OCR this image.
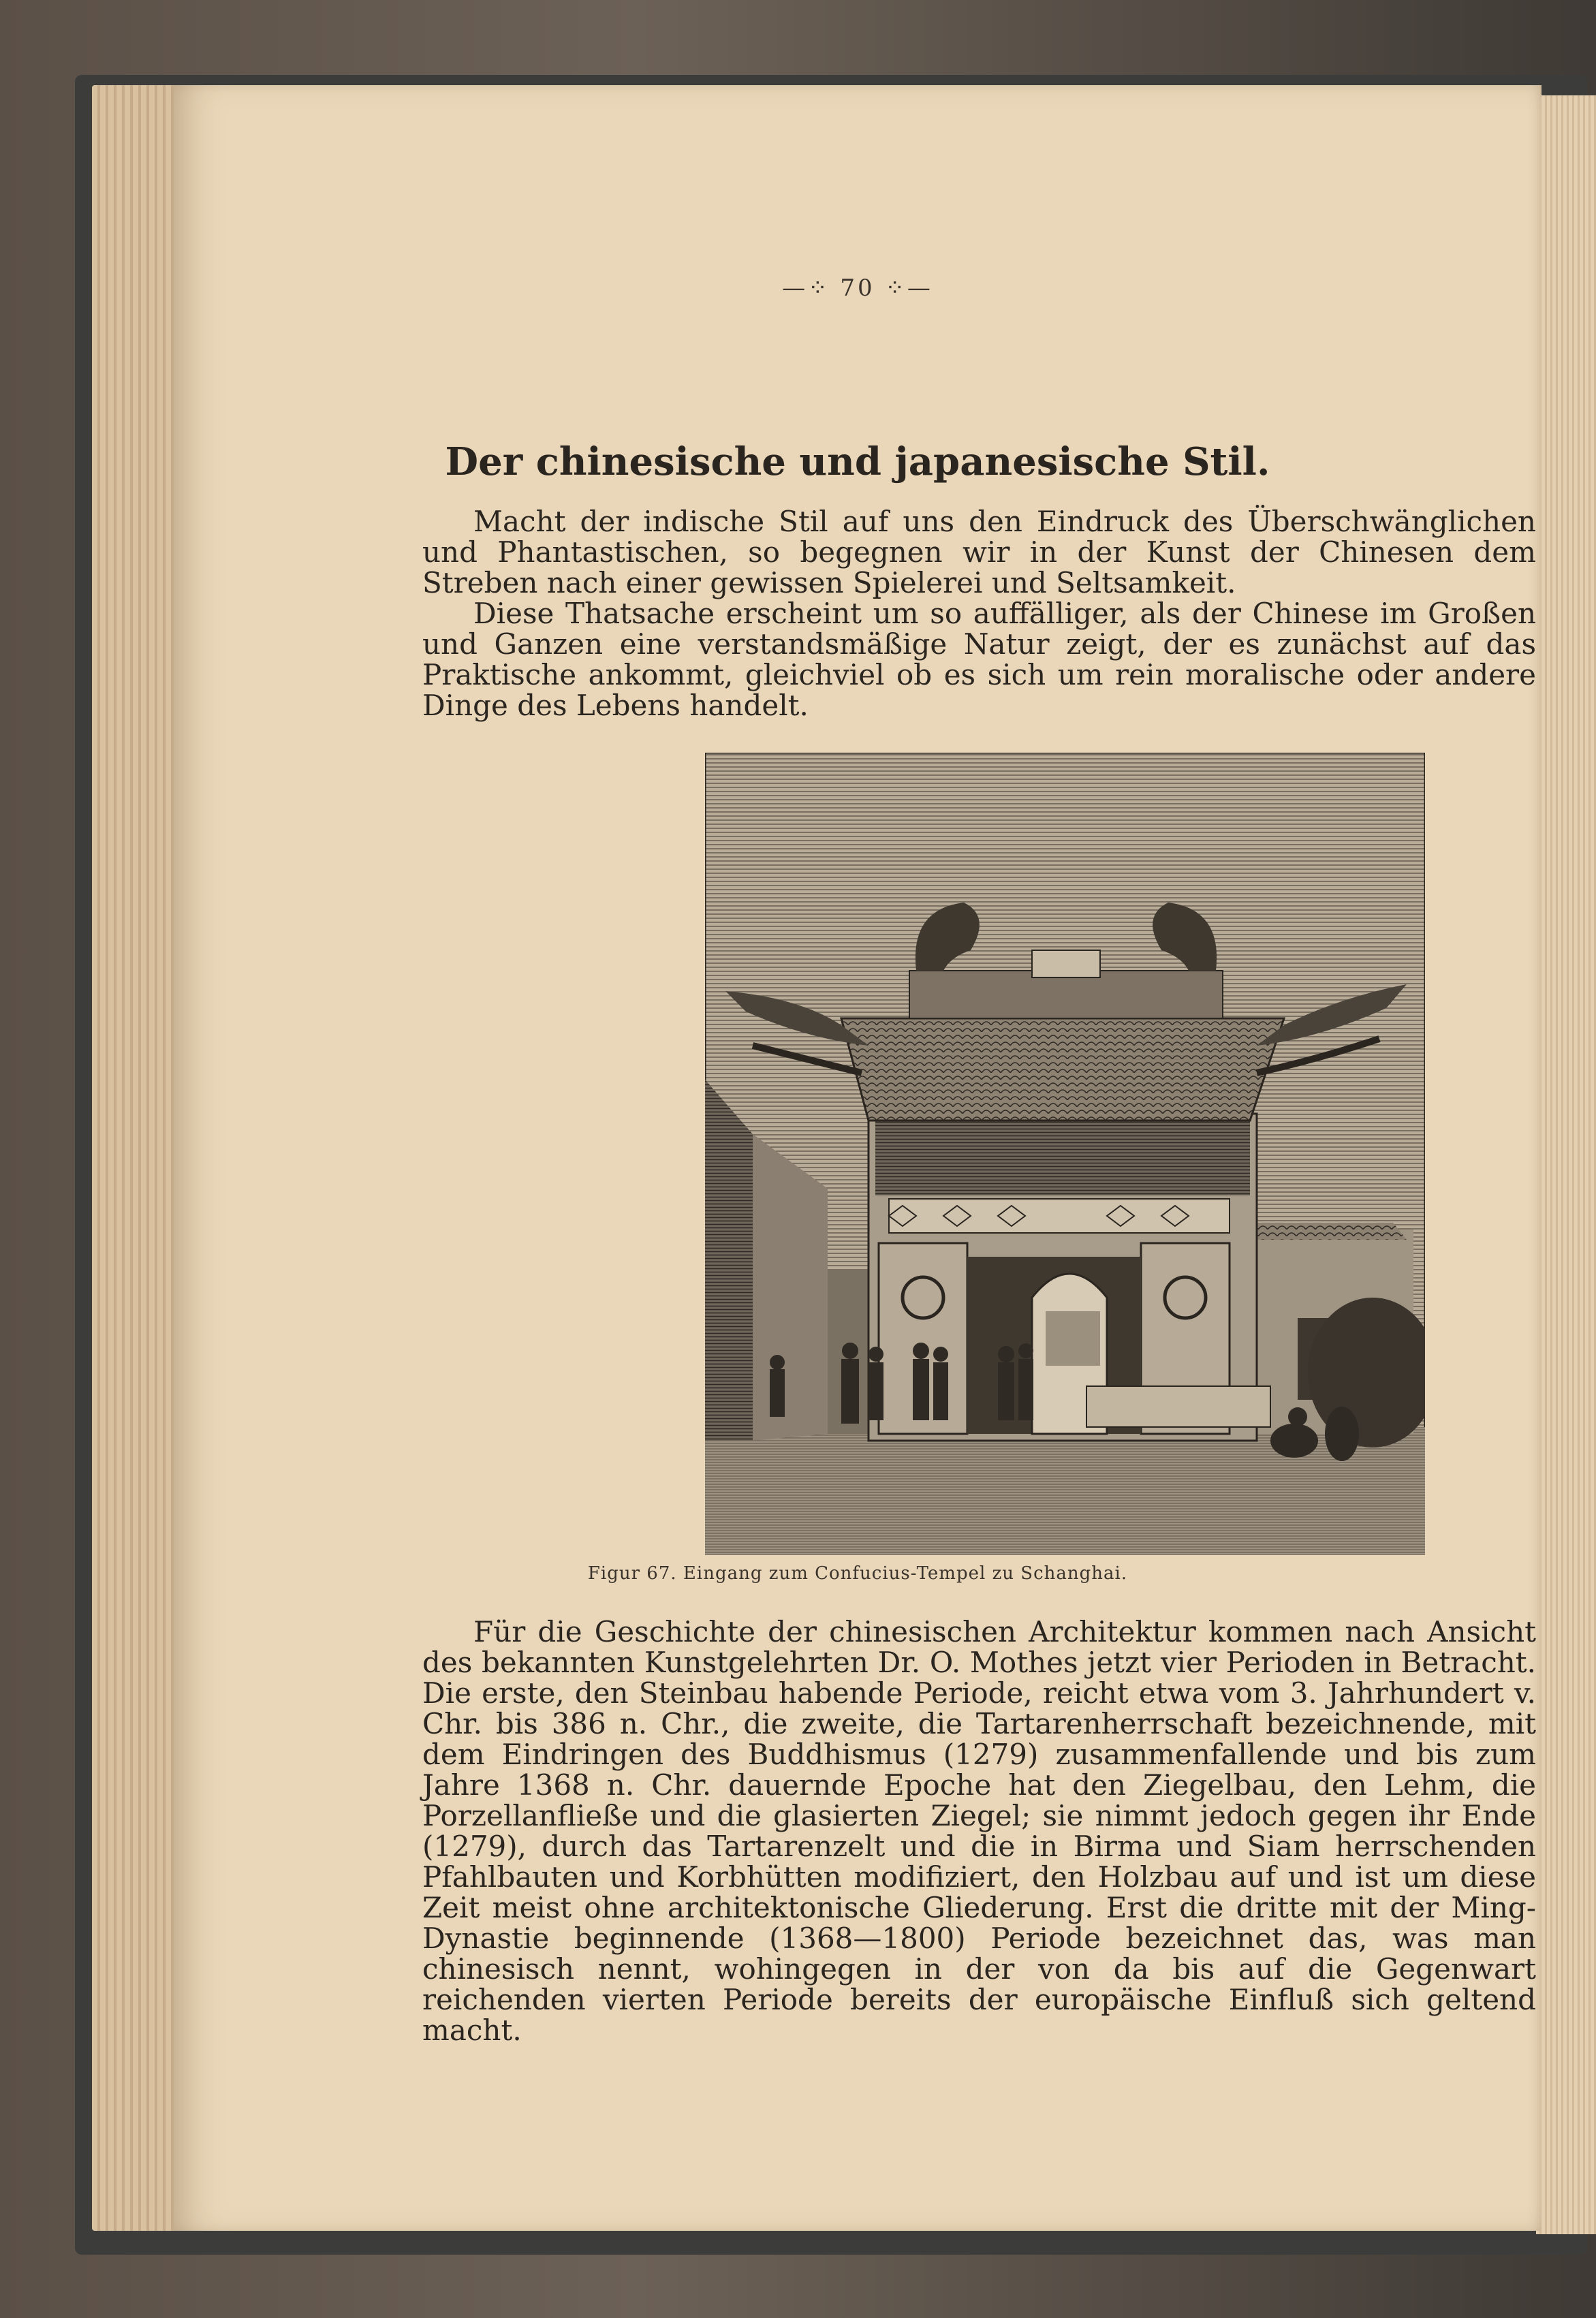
—⁘ 70 ⁘—
Der chinesische und japanesische Stil.
Macht der indische Stil auf uns den Eindruck des Überschwänglichen und Phantastischen, so begegnen wir in der Kunst der Chinesen dem Streben nach einer gewissen Spielerei und Seltsamkeit.
Diese Thatsache erscheint um so auffälliger, als der Chinese im Großen und Ganzen eine verstandsmäßige Natur zeigt, der es zunächst auf das Praktische ankommt, gleichviel ob es sich um rein moralische oder andere Dinge des Lebens handelt.
Figur 67. Eingang zum Confucius-Tempel zu Schanghai.
Für die Geschichte der chinesischen Architektur kommen nach Ansicht des bekannten Kunstgelehrten Dr. O. Mothes jetzt vier Perioden in Betracht. Die erste, den Steinbau habende Periode, reicht etwa vom 3. Jahrhundert v. Chr. bis 386 n. Chr., die zweite, die Tartarenherrschaft bezeichnende, mit dem Eindringen des Buddhismus (1279) zusammenfallende und bis zum Jahre 1368 n. Chr. dauernde Epoche hat den Ziegelbau, den Lehm, die Porzellanfließe und die glasierten Ziegel; sie nimmt jedoch gegen ihr Ende (1279), durch das Tartarenzelt und die in Birma und Siam herrschenden Pfahlbauten und Korbhütten modifiziert, den Holzbau auf und ist um diese Zeit meist ohne architektonische Gliederung. Erst die dritte mit der Ming-Dynastie beginnende (1368—1800) Periode bezeichnet das, was man chinesisch nennt, wohingegen in der von da bis auf die Gegenwart reichenden vierten Periode bereits der europäische Einfluß sich geltend macht.
